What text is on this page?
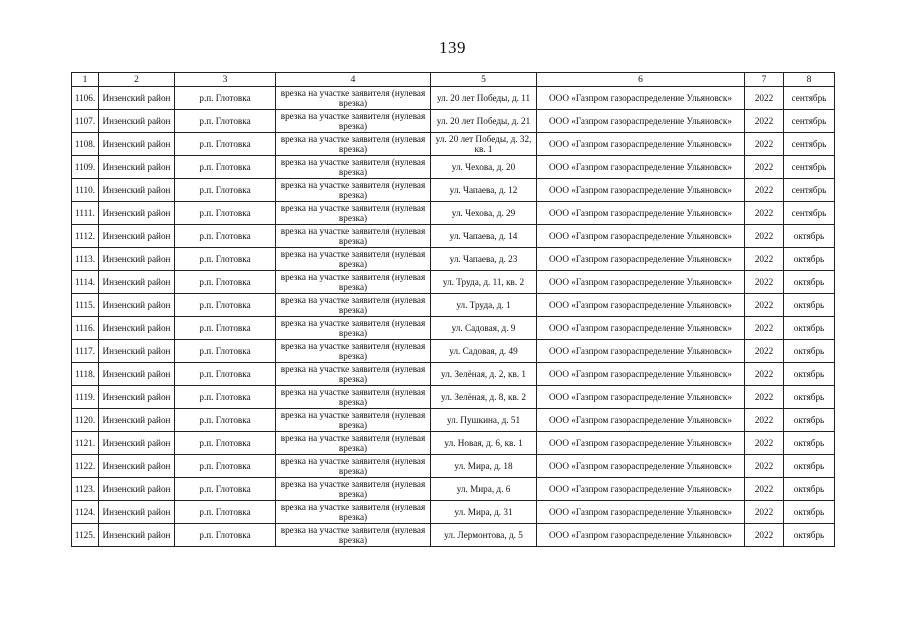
139
1	2	3	4	5	6	7	8
1106.	Инзенский район	р.п. Глотовка	врезка на участке заявителя (нулевая врезка)	ул. 20 лет Победы, д. 11	ООО «Газпром газораспределение Ульяновск»	2022	сентябрь
1107.	Инзенский район	р.п. Глотовка	врезка на участке заявителя (нулевая врезка)	ул. 20 лет Победы, д. 21	ООО «Газпром газораспределение Ульяновск»	2022	сентябрь
1108.	Инзенский район	р.п. Глотовка	врезка на участке заявителя (нулевая врезка)	ул. 20 лет Победы, д. 32, кв. 1	ООО «Газпром газораспределение Ульяновск»	2022	сентябрь
1109.	Инзенский район	р.п. Глотовка	врезка на участке заявителя (нулевая врезка)	ул. Чехова, д. 20	ООО «Газпром газораспределение Ульяновск»	2022	сентябрь
1110.	Инзенский район	р.п. Глотовка	врезка на участке заявителя (нулевая врезка)	ул. Чапаева, д. 12	ООО «Газпром газораспределение Ульяновск»	2022	сентябрь
1111.	Инзенский район	р.п. Глотовка	врезка на участке заявителя (нулевая врезка)	ул. Чехова, д. 29	ООО «Газпром газораспределение Ульяновск»	2022	сентябрь
1112.	Инзенский район	р.п. Глотовка	врезка на участке заявителя (нулевая врезка)	ул. Чапаева, д. 14	ООО «Газпром газораспределение Ульяновск»	2022	октябрь
1113.	Инзенский район	р.п. Глотовка	врезка на участке заявителя (нулевая врезка)	ул. Чапаева, д. 23	ООО «Газпром газораспределение Ульяновск»	2022	октябрь
1114.	Инзенский район	р.п. Глотовка	врезка на участке заявителя (нулевая врезка)	ул. Труда, д. 11, кв. 2	ООО «Газпром газораспределение Ульяновск»	2022	октябрь
1115.	Инзенский район	р.п. Глотовка	врезка на участке заявителя (нулевая врезка)	ул. Труда, д. 1	ООО «Газпром газораспределение Ульяновск»	2022	октябрь
1116.	Инзенский район	р.п. Глотовка	врезка на участке заявителя (нулевая врезка)	ул. Садовая, д. 9	ООО «Газпром газораспределение Ульяновск»	2022	октябрь
1117.	Инзенский район	р.п. Глотовка	врезка на участке заявителя (нулевая врезка)	ул. Садовая, д. 49	ООО «Газпром газораспределение Ульяновск»	2022	октябрь
1118.	Инзенский район	р.п. Глотовка	врезка на участке заявителя (нулевая врезка)	ул. Зелёная, д. 2, кв. 1	ООО «Газпром газораспределение Ульяновск»	2022	октябрь
1119.	Инзенский район	р.п. Глотовка	врезка на участке заявителя (нулевая врезка)	ул. Зелёная, д. 8, кв. 2	ООО «Газпром газораспределение Ульяновск»	2022	октябрь
1120.	Инзенский район	р.п. Глотовка	врезка на участке заявителя (нулевая врезка)	ул. Пушкина, д. 51	ООО «Газпром газораспределение Ульяновск»	2022	октябрь
1121.	Инзенский район	р.п. Глотовка	врезка на участке заявителя (нулевая врезка)	ул. Новая, д. 6, кв. 1	ООО «Газпром газораспределение Ульяновск»	2022	октябрь
1122.	Инзенский район	р.п. Глотовка	врезка на участке заявителя (нулевая врезка)	ул. Мира, д. 18	ООО «Газпром газораспределение Ульяновск»	2022	октябрь
1123.	Инзенский район	р.п. Глотовка	врезка на участке заявителя (нулевая врезка)	ул. Мира, д. 6	ООО «Газпром газораспределение Ульяновск»	2022	октябрь
1124.	Инзенский район	р.п. Глотовка	врезка на участке заявителя (нулевая врезка)	ул. Мира, д. 31	ООО «Газпром газораспределение Ульяновск»	2022	октябрь
1125.	Инзенский район	р.п. Глотовка	врезка на участке заявителя (нулевая врезка)	ул. Лермонтова, д. 5	ООО «Газпром газораспределение Ульяновск»	2022	октябрь
